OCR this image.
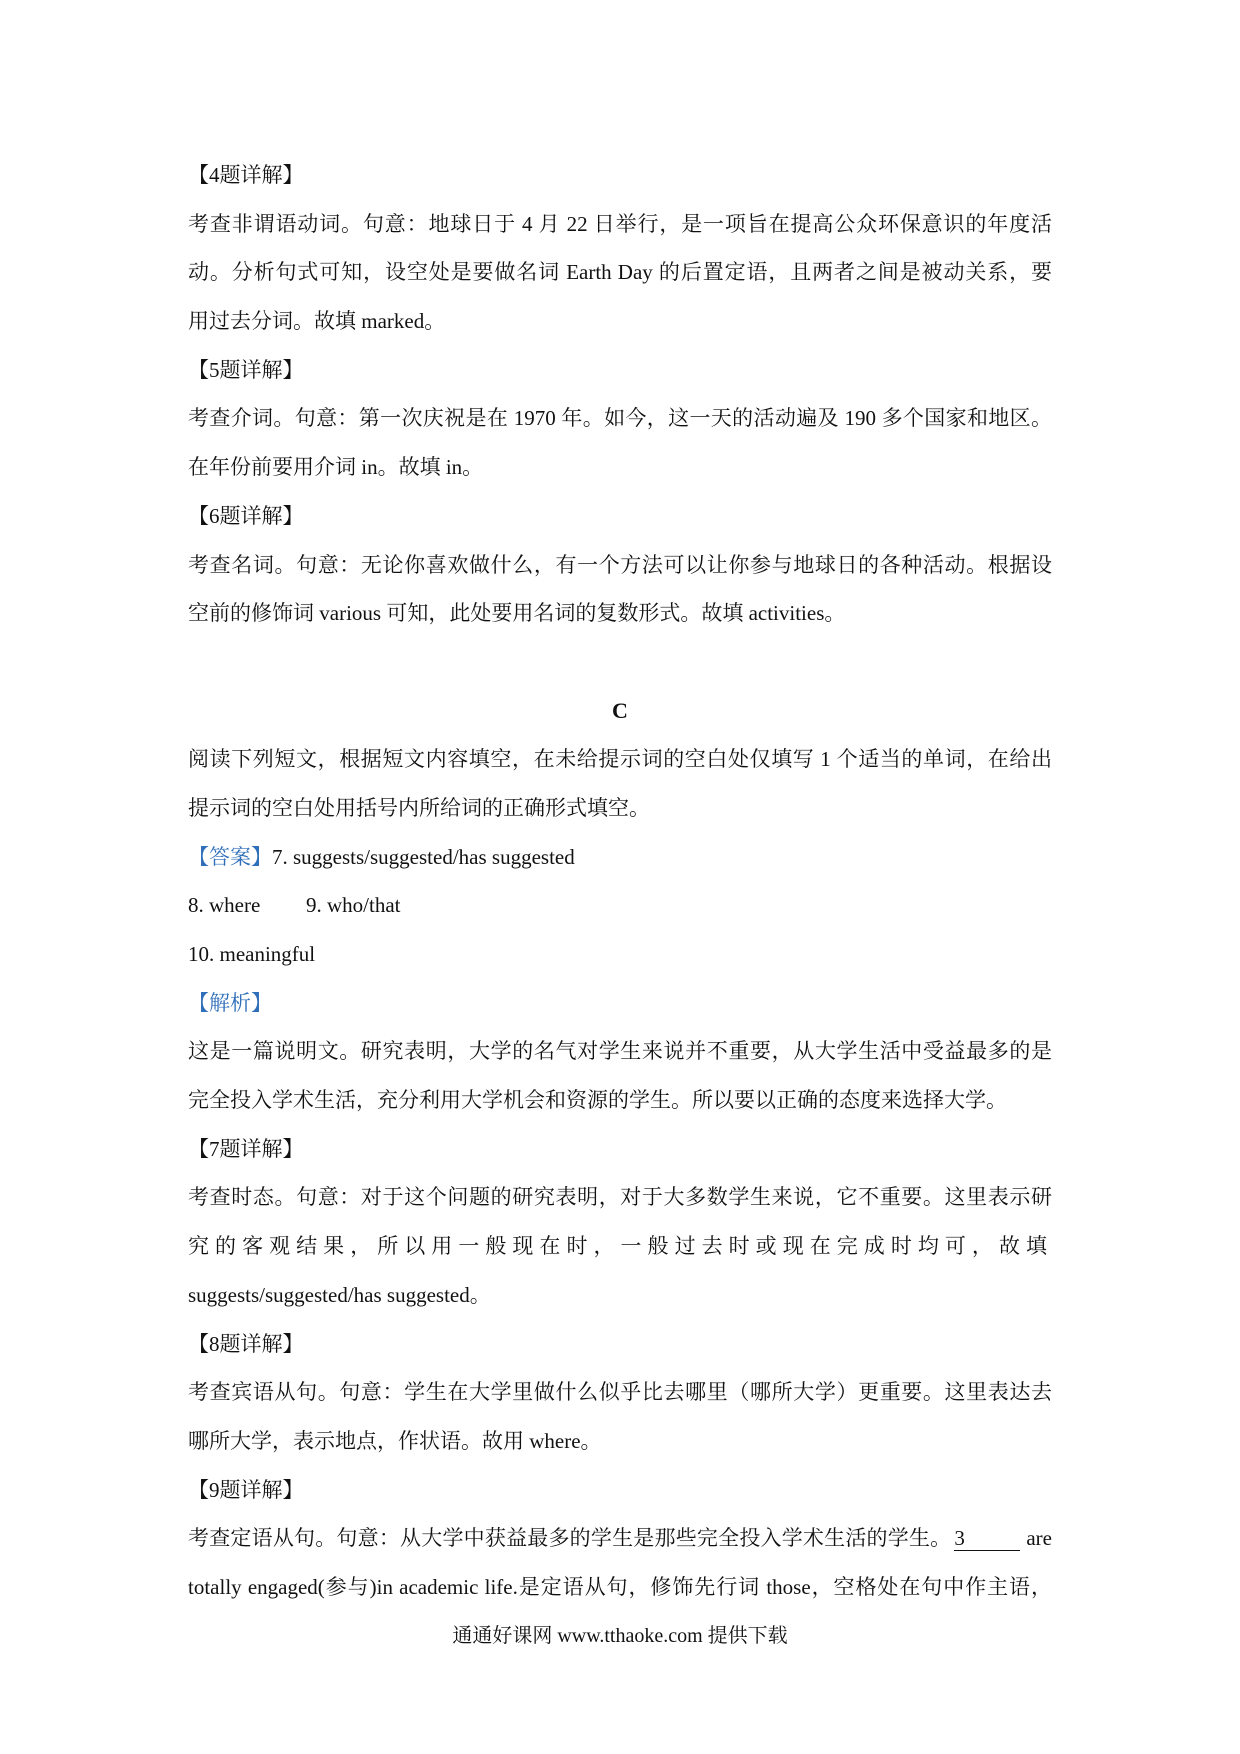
【4题详解】
考查非谓语动词。句意：地球日于 4 月 22 日举行，是一项旨在提高公众环保意识的年度活
动。分析句式可知，设空处是要做名词 Earth Day 的后置定语，且两者之间是被动关系，要
用过去分词。故填 marked。
【5题详解】
考查介词。句意：第一次庆祝是在 1970 年。如今，这一天的活动遍及 190 多个国家和地区。
在年份前要用介词 in。故填 in。
【6题详解】
考查名词。句意：无论你喜欢做什么，有一个方法可以让你参与地球日的各种活动。根据设
空前的修饰词 various 可知，此处要用名词的复数形式。故填 activities。
C
阅读下列短文，根据短文内容填空，在未给提示词的空白处仅填写 1 个适当的单词，在给出
提示词的空白处用括号内所给词的正确形式填空。
【答案】7. suggests/suggested/has suggested
8. where 9. who/that
10. meaningful
【解析】
这是一篇说明文。研究表明，大学的名气对学生来说并不重要，从大学生活中受益最多的是
完全投入学术生活，充分利用大学机会和资源的学生。所以要以正确的态度来选择大学。
【7题详解】
考查时态。句意：对于这个问题的研究表明，对于大多数学生来说，它不重要。这里表示研
究的客观结果，所以用一般现在时，一般过去时或现在完成时均可，故填
suggests/suggested/has suggested。
【8题详解】
考查宾语从句。句意：学生在大学里做什么似乎比去哪里（哪所大学）更重要。这里表达去
哪所大学，表示地点，作状语。故用 where。
【9题详解】
考查定语从句。句意：从大学中获益最多的学生是那些完全投入学术生活的学生。 3	are
totally engaged(参与)in academic life.是定语从句，修饰先行词 those，空格处在句中作主语，
通通好课网 www.tthaoke.com 提供下载
